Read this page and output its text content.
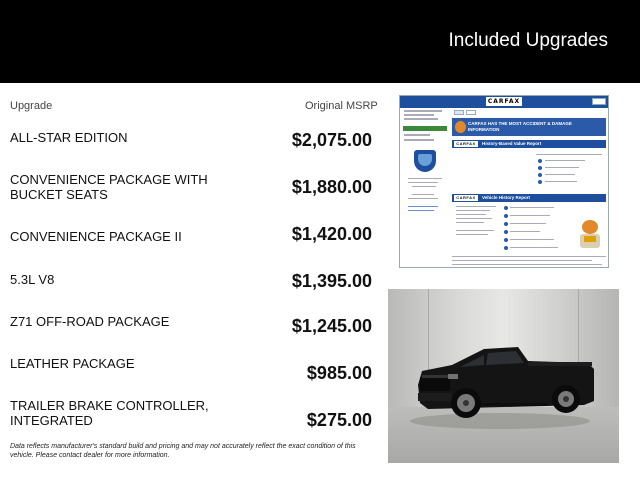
Included Upgrades
Upgrade	Original MSRP
ALL-STAR EDITION	$2,075.00
CONVENIENCE PACKAGE WITH BUCKET SEATS	$1,880.00
CONVENIENCE PACKAGE II	$1,420.00
5.3L V8	$1,395.00
Z71 OFF-ROAD PACKAGE	$1,245.00
LEATHER PACKAGE	$985.00
TRAILER BRAKE CONTROLLER, INTEGRATED	$275.00
Data reflects manufacturer's standard build and pricing and may not accurately reflect the exact condition of this vehicle. Please contact dealer for more information.
CARFAX
CARFAX HAS THE MOST ACCIDENT & DAMAGE INFORMATION
CARFAX	History-Based Value Report
CARFAX	Vehicle History Report
